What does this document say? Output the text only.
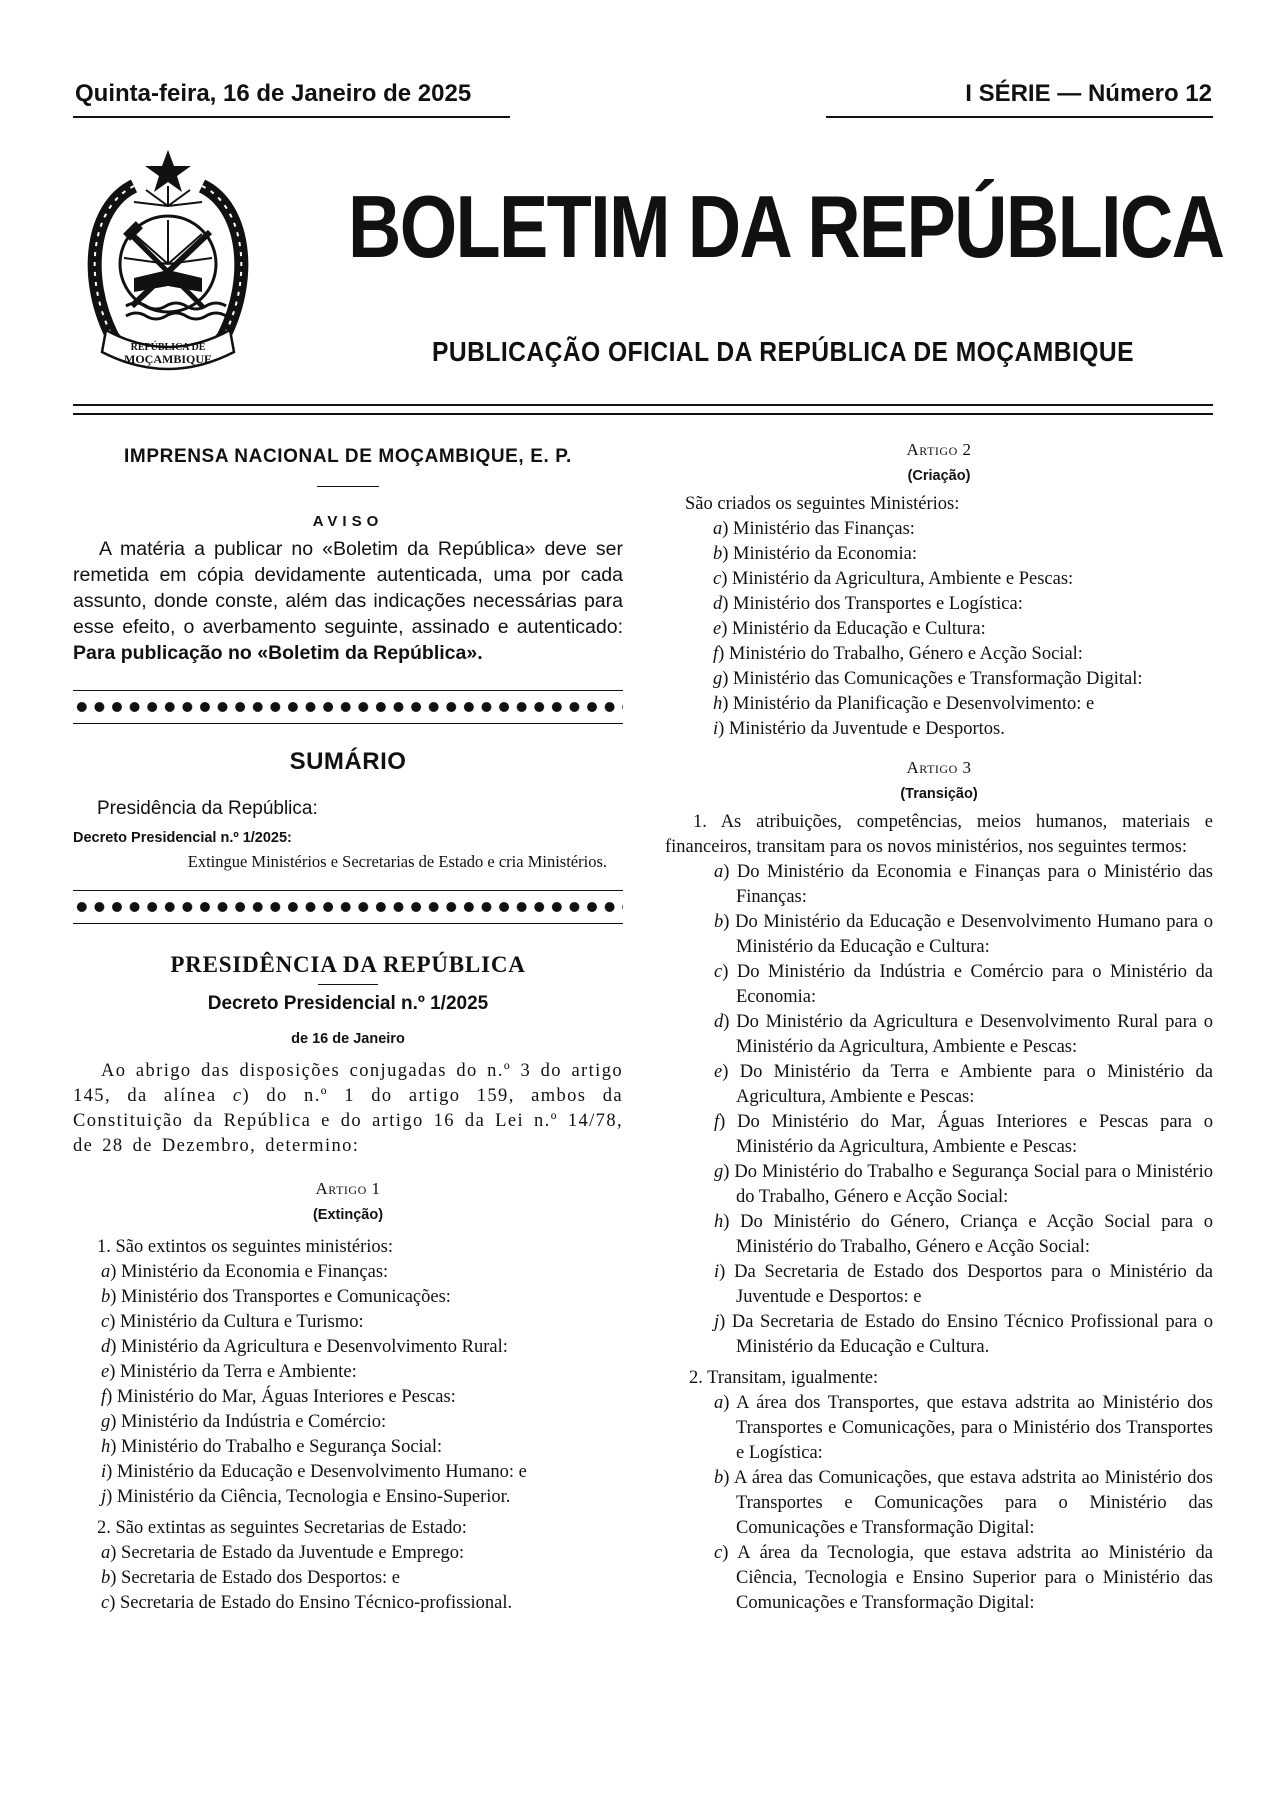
Quinta-feira, 16 de Janeiro de 2025	I SÉRIE — Número 12
REPÚBLICA DE
MOÇAMBIQUE
BOLETIM DA REPÚBLICA
PUBLICAÇÃO OFICIAL DA REPÚBLICA DE MOÇAMBIQUE

IMPRENSA NACIONAL DE MOÇAMBIQUE, E. P.

AVISO

A matéria a publicar no «Boletim da República» deve ser remetida em cópia devidamente autenticada, uma por cada assunto, donde conste, além das indicações necessárias para esse efeito, o averbamento seguinte, assinado e autenticado: Para publicação no «Boletim da República».

SUMÁRIO

Presidência da República:

Decreto Presidencial n.º 1/2025:

Extingue Ministérios e Secretarias de Estado e cria Ministérios.

PRESIDÊNCIA DA REPÚBLICA

Decreto Presidencial n.º 1/2025

de 16 de Janeiro

Ao abrigo das disposições conjugadas do n.º 3 do artigo 145, da alínea c) do n.º 1 do artigo 159, ambos da Constituição da República e do artigo 16 da Lei n.º 14/78, de 28 de Dezembro, determino:

Artigo 1

(Extinção)

1. São extintos os seguintes ministérios:

a) Ministério da Economia e Finanças:
b) Ministério dos Transportes e Comunicações:
c) Ministério da Cultura e Turismo:
d) Ministério da Agricultura e Desenvolvimento Rural:
e) Ministério da Terra e Ambiente:
f) Ministério do Mar, Águas Interiores e Pescas:
g) Ministério da Indústria e Comércio:
h) Ministério do Trabalho e Segurança Social:
i) Ministério da Educação e Desenvolvimento Humano: e
j) Ministério da Ciência, Tecnologia e Ensino-Superior.

2. São extintas as seguintes Secretarias de Estado:

a) Secretaria de Estado da Juventude e Emprego:
b) Secretaria de Estado dos Desportos: e
c) Secretaria de Estado do Ensino Técnico-profissional.

Artigo 2

(Criação)

São criados os seguintes Ministérios:

a) Ministério das Finanças:
b) Ministério da Economia:
c) Ministério da Agricultura, Ambiente e Pescas:
d) Ministério dos Transportes e Logística:
e) Ministério da Educação e Cultura:
f) Ministério do Trabalho, Género e Acção Social:
g) Ministério das Comunicações e Transformação Digital:
h) Ministério da Planificação e Desenvolvimento: e
i) Ministério da Juventude e Desportos.

Artigo 3

(Transição)

1. As atribuições, competências, meios humanos, materiais e financeiros, transitam para os novos ministérios, nos seguintes termos:

a) Do Ministério da Economia e Finanças para o Ministério das Finanças:
b) Do Ministério da Educação e Desenvolvimento Humano para o Ministério da Educação e Cultura:
c) Do Ministério da Indústria e Comércio para o Ministério da Economia:
d) Do Ministério da Agricultura e Desenvolvimento Rural para o Ministério da Agricultura, Ambiente e Pescas:
e) Do Ministério da Terra e Ambiente para o Ministério da Agricultura, Ambiente e Pescas:
f) Do Ministério do Mar, Águas Interiores e Pescas para o Ministério da Agricultura, Ambiente e Pescas:
g) Do Ministério do Trabalho e Segurança Social para o Ministério do Trabalho, Género e Acção Social:
h) Do Ministério do Género, Criança e Acção Social para o Ministério do Trabalho, Género e Acção Social:
i) Da Secretaria de Estado dos Desportos para o Ministério da Juventude e Desportos: e
j) Da Secretaria de Estado do Ensino Técnico Profissional para o Ministério da Educação e Cultura.

2. Transitam, igualmente:

a) A área dos Transportes, que estava adstrita ao Ministério dos Transportes e Comunicações, para o Ministério dos Transportes e Logística:
b) A área das Comunicações, que estava adstrita ao Ministério dos Transportes e Comunicações para o Ministério das Comunicações e Transformação Digital:
c) A área da Tecnologia, que estava adstrita ao Ministério da Ciência, Tecnologia e Ensino Superior para o Ministério das Comunicações e Transformação Digital:
